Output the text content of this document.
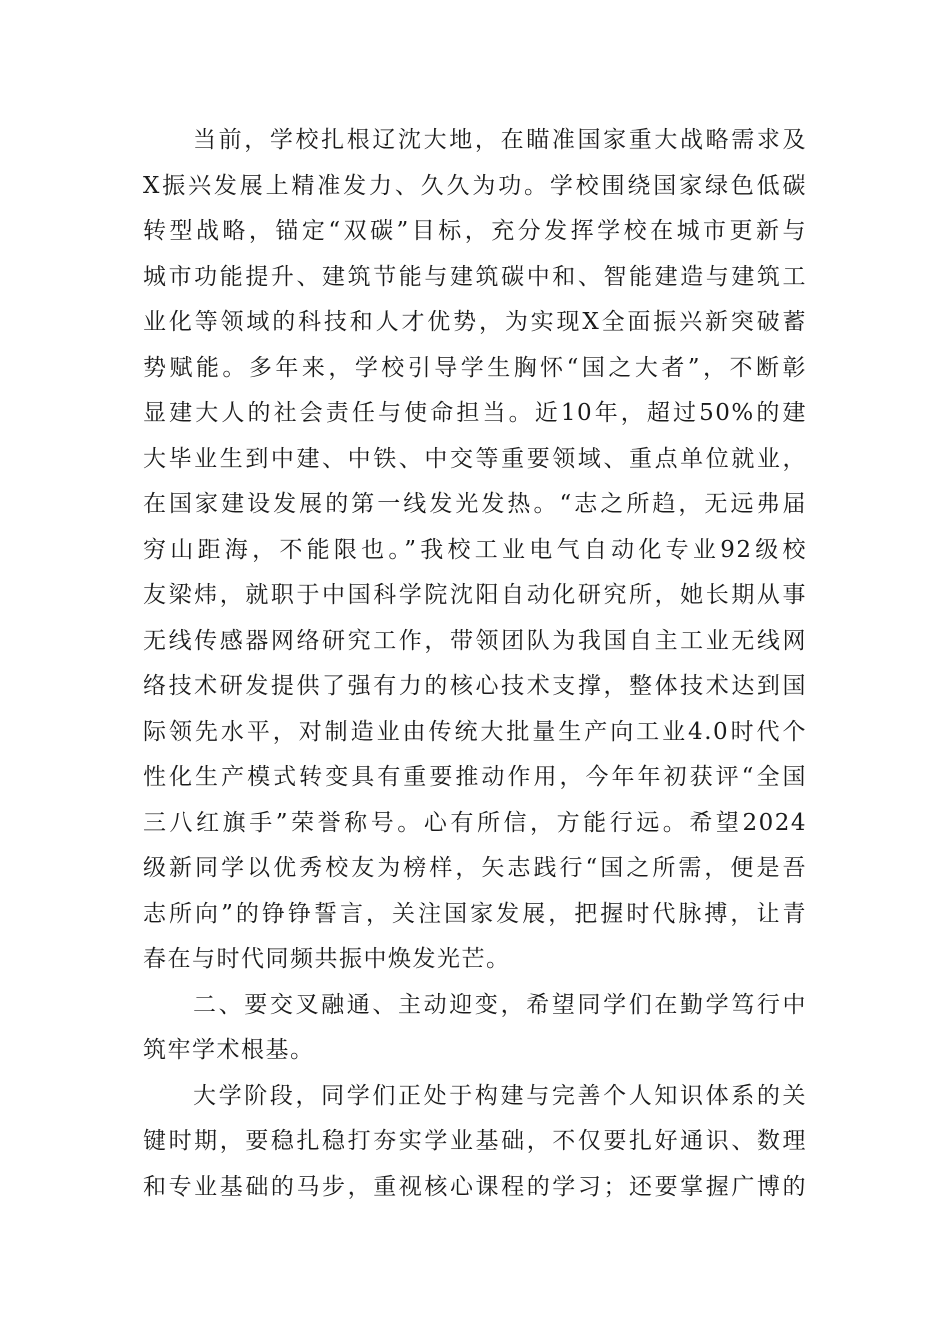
当前，学校扎根辽沈大地，在瞄准国家重大战略需求及
X振兴发展上精准发力、久久为功。学校围绕国家绿色低碳
转型战略，锚定“双碳”目标，充分发挥学校在城市更新与
城市功能提升、建筑节能与建筑碳中和、智能建造与建筑工
业化等领域的科技和人才优势，为实现X全面振兴新突破蓄
势赋能。多年来，学校引导学生胸怀“国之大者”，不断彰
显建大人的社会责任与使命担当。近10年，超过50%的建
大毕业生到中建、中铁、中交等重要领域、重点单位就业，
在国家建设发展的第一线发光发热。“志之所趋，无远弗届
穷山距海，不能限也。”我校工业电气自动化专业92级校
友梁炜，就职于中国科学院沈阳自动化研究所，她长期从事
无线传感器网络研究工作，带领团队为我国自主工业无线网
络技术研发提供了强有力的核心技术支撑，整体技术达到国
际领先水平，对制造业由传统大批量生产向工业4.0时代个
性化生产模式转变具有重要推动作用，今年年初获评“全国
三八红旗手”荣誉称号。心有所信，方能行远。希望2024
级新同学以优秀校友为榜样，矢志践行“国之所需，便是吾
志所向”的铮铮誓言，关注国家发展，把握时代脉搏，让青
春在与时代同频共振中焕发光芒。
二、要交叉融通、主动迎变，希望同学们在勤学笃行中
筑牢学术根基。
大学阶段，同学们正处于构建与完善个人知识体系的关
键时期，要稳扎稳打夯实学业基础，不仅要扎好通识、数理
和专业基础的马步，重视核心课程的学习；还要掌握广博的
